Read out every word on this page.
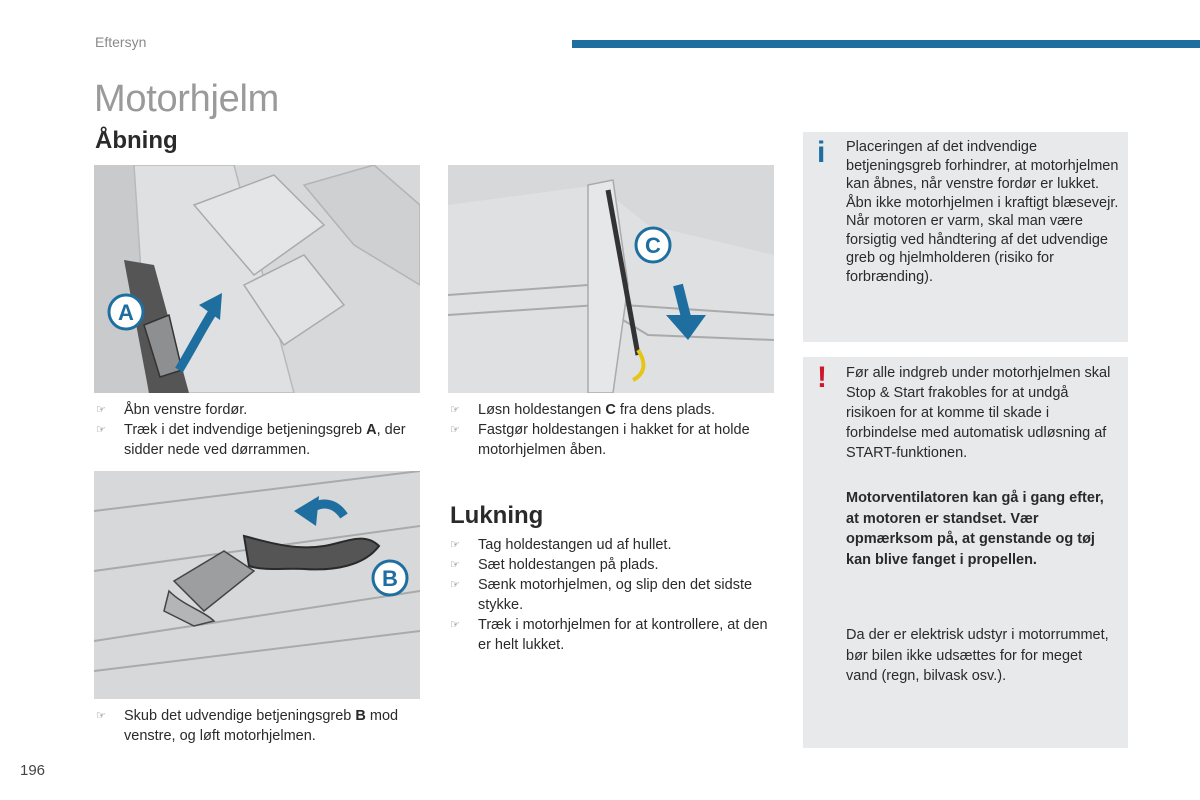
Eftersyn
Motorhjelm
Åbning
A
C
☞ Åbn venstre fordør.
☞ Træk i det indvendige betjeningsgreb A, der sidder nede ved dørrammen.
☞ Løsn holdestangen C fra dens plads.
☞ Fastgør holdestangen i hakket for at holde motorhjelmen åben.
B
☞ Skub det udvendige betjeningsgreb B mod venstre, og løft motorhjelmen.
Lukning
☞ Tag holdestangen ud af hullet.
☞ Sæt holdestangen på plads.
☞ Sænk motorhjelmen, og slip den det sidste stykke.
☞ Træk i motorhjelmen for at kontrollere, at den er helt lukket.
i Placeringen af det indvendige betjeningsgreb forhindrer, at motorhjelmen kan åbnes, når venstre fordør er lukket.
Åbn ikke motorhjelmen i kraftigt blæsevejr.
Når motoren er varm, skal man være forsigtig ved håndtering af det udvendige greb og hjelmholderen (risiko for forbrænding).
! Før alle indgreb under motorhjelmen skal Stop & Start frakobles for at undgå risikoen for at komme til skade i forbindelse med automatisk udløsning af START-funktionen.
Motorventilatoren kan gå i gang efter, at motoren er standset. Vær opmærksom på, at genstande og tøj kan blive fanget i propellen.
Da der er elektrisk udstyr i motorrummet, bør bilen ikke udsættes for for meget vand (regn, bilvask osv.).
196
